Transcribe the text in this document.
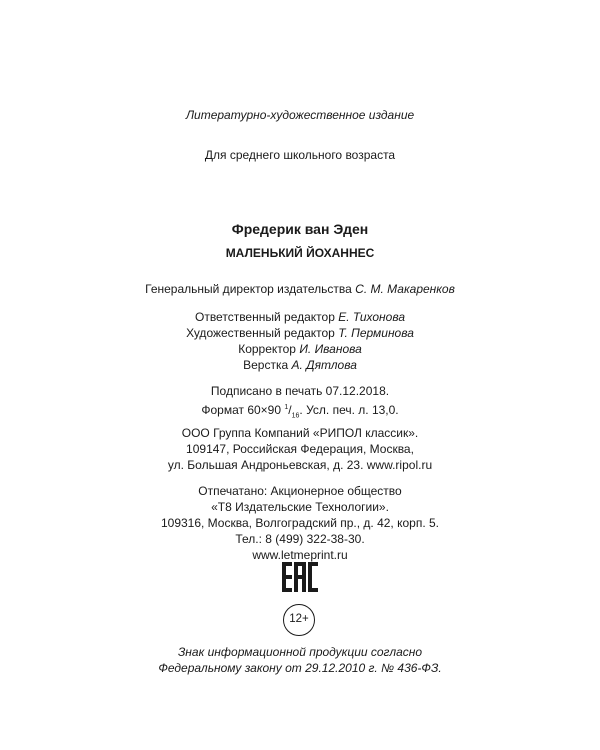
Литературно-художественное издание
Для среднего школьного возраста
Фредерик ван Эден
МАЛЕНЬКИЙ ЙОХАННЕС
Генеральный директор издательства С. М. Макаренков
Ответственный редактор Е. Тихонова
Художественный редактор Т. Перминова
Корректор И. Иванова
Верстка А. Дятлова
Подписано в печать 07.12.2018.
Формат 60×90 $^1/_{16}$. Усл. печ. л. 13,0.
ООО Группа Компаний «РИПОЛ классик».
109147, Российская Федерация, Москва,
ул. Большая Андроньевская, д. 23. www.ripol.ru
Отпечатано: Акционерное общество
«Т8 Издательские Технологии».
109316, Москва, Волгоградский пр., д. 42, корп. 5.
Тел.: 8 (499) 322-38-30.
www.letmeprint.ru
12+
Знак информационной продукции согласно
Федеральному закону от 29.12.2010 г. № 436-ФЗ.
